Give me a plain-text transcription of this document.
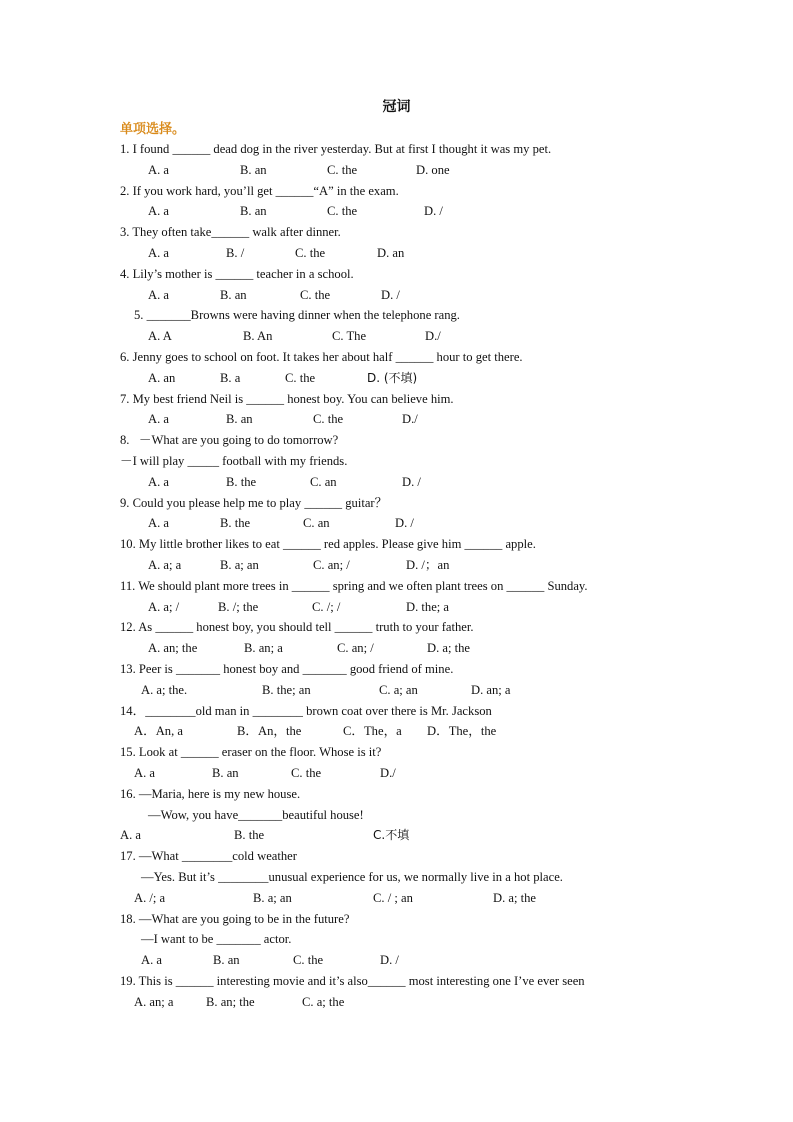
冠词
单项选择。
1. I found ______ dead dog in the river yesterday. But at first I thought it was my pet.
A. a	B. an	C. the	D. one
2. If you work hard, you’ll get ______“A” in the exam.
A. a	B. an	C. the	D. /
3. They often take______ walk after dinner.
A. a	B. /	C. the	D. an
4. Lily’s mother is ______ teacher in a school.
A. a	B. an	C. the	D. /
5. _______Browns were having dinner when the telephone rang.
A. A	B. An	C. The	D./
6. Jenny goes to school on foot. It takes her about half ______ hour to get there.
A. an	B. a	C. the	D. (不填)
7. My best friend Neil is ______ honest boy. You can believe him.
A. a	B. an	C. the	D./
8.   －What are you going to do tomorrow?
－I will play _____ football with my friends.
A. a	B. the	C. an	D. /
9. Could you please help me to play ______ guitar？
A. a	B. the	C. an	D. /
10. My little brother likes to eat ______ red apples. Please give him ______ apple.
A. a; a	B. a; an	C. an; /	D. /；an
11. We should plant more trees in ______ spring and we often plant trees on ______ Sunday.
A. a; /	B. /; the	C. /; /	D. the; a
12. As ______ honest boy, you should tell ______ truth to your father.
A. an; the	B. an; a	C. an; /	D. a; the
13. Peer is _______ honest boy and _______ good friend of mine.
A. a; the.	B. the; an	C. a; an	D. an; a
14．________old man in ________ brown coat over there is Mr. Jackson
A．An, a	B．An，the	C．The，a D．The，the
15. Look at ______ eraser on the floor. Whose is it?
A. a	B. an	C. the	D./
16. —Maria, here is my new house.
—Wow, you have_______beautiful house!
A. a	B. the	C.不填
17. —What ________cold weather
—Yes. But it’s ________unusual experience for us, we normally live in a hot place.
A. /; a	B. a; an	C. / ; an	D. a; the
18. —What are you going to be in the future?
—I want to be _______ actor.
A. a	B. an	C. the	D. /
19. This is ______ interesting movie and it’s also______ most interesting one I’ve ever seen
A. an; a	B. an; the	C. a; the
